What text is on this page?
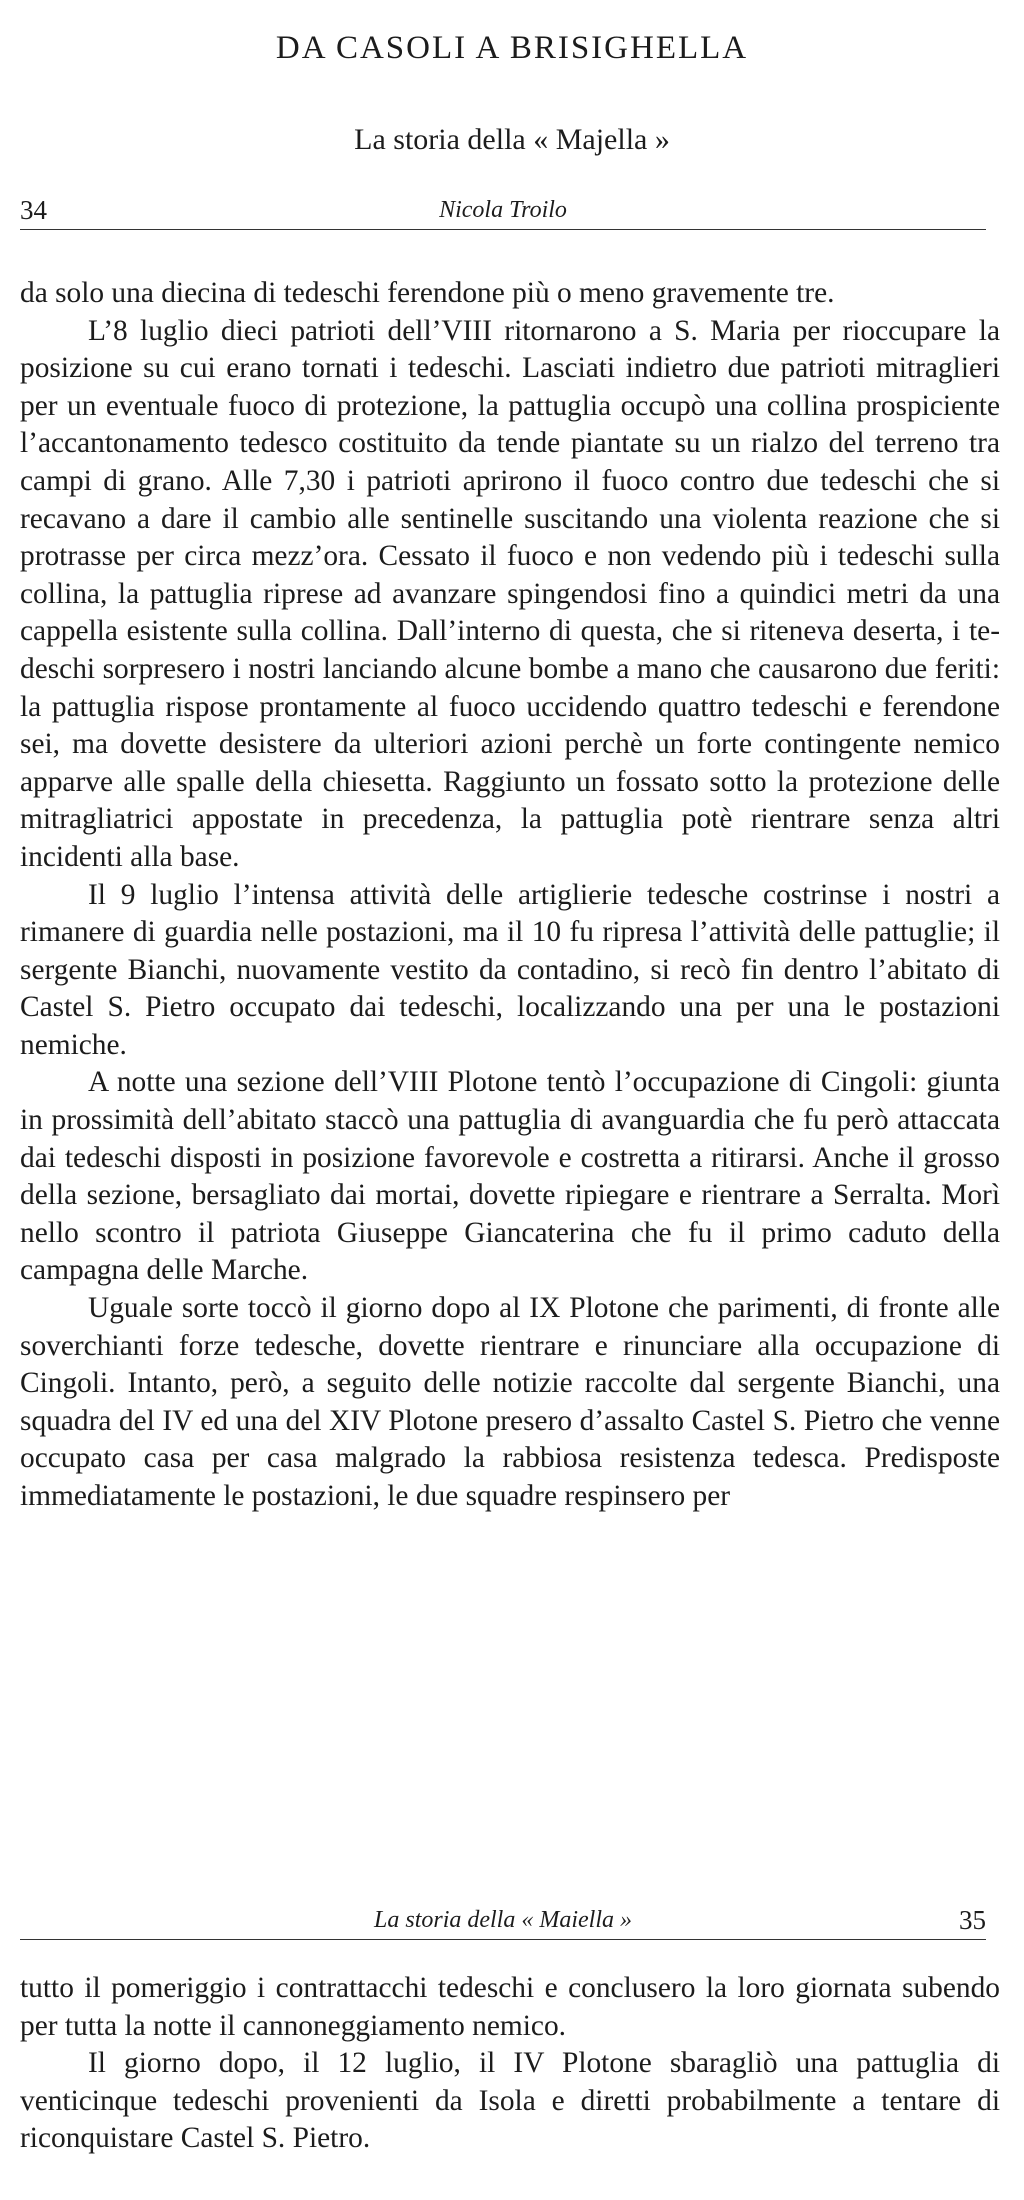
DA CASOLI A BRISIGHELLA
La storia della « Majella »
34	Nicola Troilo

da solo una diecina di tedeschi ferendone più o meno gravemente tre.

L’8 luglio dieci patrioti dell’VIII ritornarono a S. Maria per rioccupare la posizione su cui erano tornati i tedeschi. Lasciati indietro due patrioti mitraglieri per un eventuale fuoco di protezione, la pattuglia occupò una collina prospiciente l’accantonamento tedesco costituito da tende piantate su un rialzo del terreno tra campi di grano. Alle 7,30 i patrioti aprirono il fuoco contro due tedeschi che si recavano a dare il cambio alle sentinelle suscitando una violenta reazione che si protrasse per circa mezz’ora. Cessato il fuoco e non vedendo più i tedeschi sulla collina, la pattuglia riprese ad avanzare spingendosi fino a quindici metri da una cappella esistente sulla collina. Dall’interno di questa, che si riteneva deserta, i tedeschi sorpresero i nostri lanciando alcune bombe a mano che causarono due feriti: la pattuglia rispose prontamente al fuoco uccidendo quattro tedeschi e ferendone sei, ma dovette desistere da ulteriori azioni perchè un forte contingente nemico apparve alle spalle della chiesetta. Raggiunto un fossato sotto la protezione delle mitragliatrici appostate in precedenza, la pattuglia potè rientrare senza altri incidenti alla base.

Il 9 luglio l’intensa attività delle artiglierie tedesche costrinse i nostri a rimanere di guardia nelle postazioni, ma il 10 fu ripresa l’attività delle pattuglie; il sergente Bianchi, nuovamente vestito da contadino, si recò fin dentro l’abitato di Castel S. Pietro occupato dai tedeschi, localizzando una per una le postazioni nemiche.

A notte una sezione dell’VIII Plotone tentò l’occupazione di Cingoli: giunta in prossimità dell’abitato staccò una pattuglia di avanguardia che fu però attaccata dai tedeschi disposti in posizione favorevole e costretta a ritirarsi. Anche il grosso della sezione, bersagliato dai mortai, dovette ripiegare e rientrare a Serralta. Morì nello scontro il patriota Giuseppe Giancaterina che fu il primo caduto della campagna delle Marche.

Uguale sorte toccò il giorno dopo al IX Plotone che parimenti, di fronte alle soverchianti forze tedesche, dovette rientrare e rinunciare alla occupazione di Cingoli. Intanto, però, a seguito delle notizie raccolte dal sergente Bianchi, una squadra del IV ed una del XIV Plotone presero d’assalto Castel S. Pietro che venne occupato casa per casa malgrado la rabbiosa resistenza tedesca. Predisposte immediatamente le postazioni, le due squadre respinsero per

La storia della « Maiella »	35

tutto il pomeriggio i contrattacchi tedeschi e conclusero la loro giornata subendo per tutta la notte il cannoneggiamento nemico.

Il giorno dopo, il 12 luglio, il IV Plotone sbaragliò una pattuglia di venticinque tedeschi provenienti da Isola e diretti probabilmente a tentare di riconquistare Castel S. Pietro.
